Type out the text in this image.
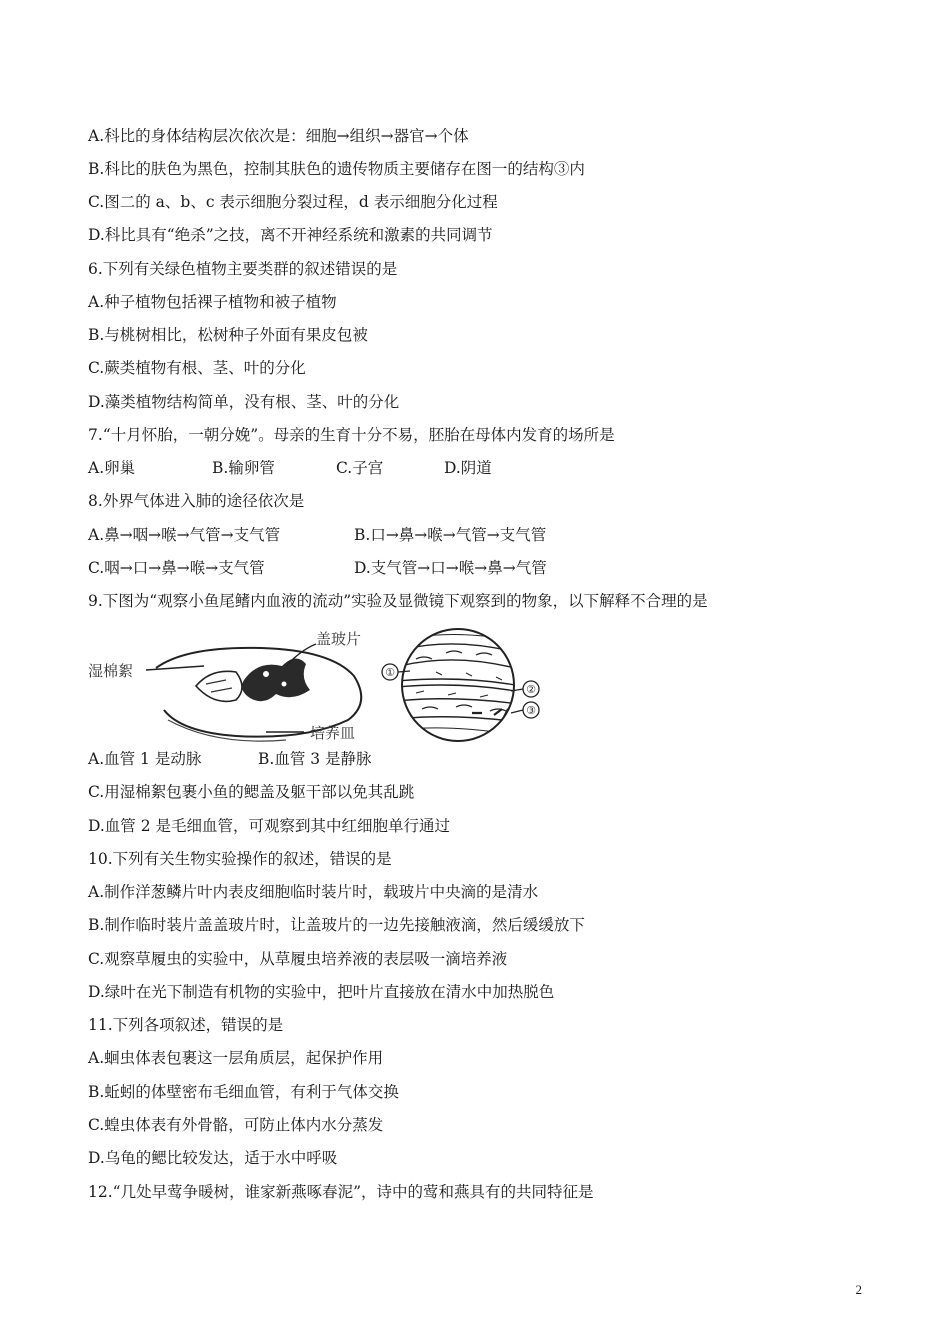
A.科比的身体结构层次依次是：细胞→组织→器官→个体

B.科比的肤色为黑色，控制其肤色的遗传物质主要储存在图一的结构③内

C.图二的 a、b、c 表示细胞分裂过程，d 表示细胞分化过程

D.科比具有“绝杀”之技，离不开神经系统和激素的共同调节

6.下列有关绿色植物主要类群的叙述错误的是

A.种子植物包括裸子植物和被子植物

B.与桃树相比，松树种子外面有果皮包被

C.蕨类植物有根、茎、叶的分化

D.藻类植物结构简单，没有根、茎、叶的分化

7.“十月怀胎，一朝分娩”。母亲的生育十分不易，胚胎在母体内发育的场所是

A.卵巢	B.输卵管	C.子宫	D.阴道

8.外界气体进入肺的途径依次是

A.鼻→咽→喉→气管→支气管	B.口→鼻→喉→气管→支气管
C.咽→口→鼻→喉→支气管	D.支气管→口→喉→鼻→气管

9.下图为“观察小鱼尾鳍内血液的流动”实验及显微镜下观察到的物象，以下解释不合理的是

湿棉絮
盖玻片
培养皿
①
②
③
A.血管 1 是动脉	B.血管 3 是静脉

C.用湿棉絮包裹小鱼的鳃盖及躯干部以免其乱跳

D.血管 2 是毛细血管，可观察到其中红细胞单行通过

10.下列有关生物实验操作的叙述，错误的是

A.制作洋葱鳞片叶内表皮细胞临时装片时，载玻片中央滴的是清水

B.制作临时装片盖盖玻片时，让盖玻片的一边先接触液滴，然后缓缓放下

C.观察草履虫的实验中，从草履虫培养液的表层吸一滴培养液

D.绿叶在光下制造有机物的实验中，把叶片直接放在清水中加热脱色

11.下列各项叙述，错误的是

A.蛔虫体表包裹这一层角质层，起保护作用

B.蚯蚓的体壁密布毛细血管，有利于气体交换

C.蝗虫体表有外骨骼，可防止体内水分蒸发

D.乌龟的鳃比较发达，适于水中呼吸

12.“几处早莺争暖树，谁家新燕啄春泥”，诗中的莺和燕具有的共同特征是

2
